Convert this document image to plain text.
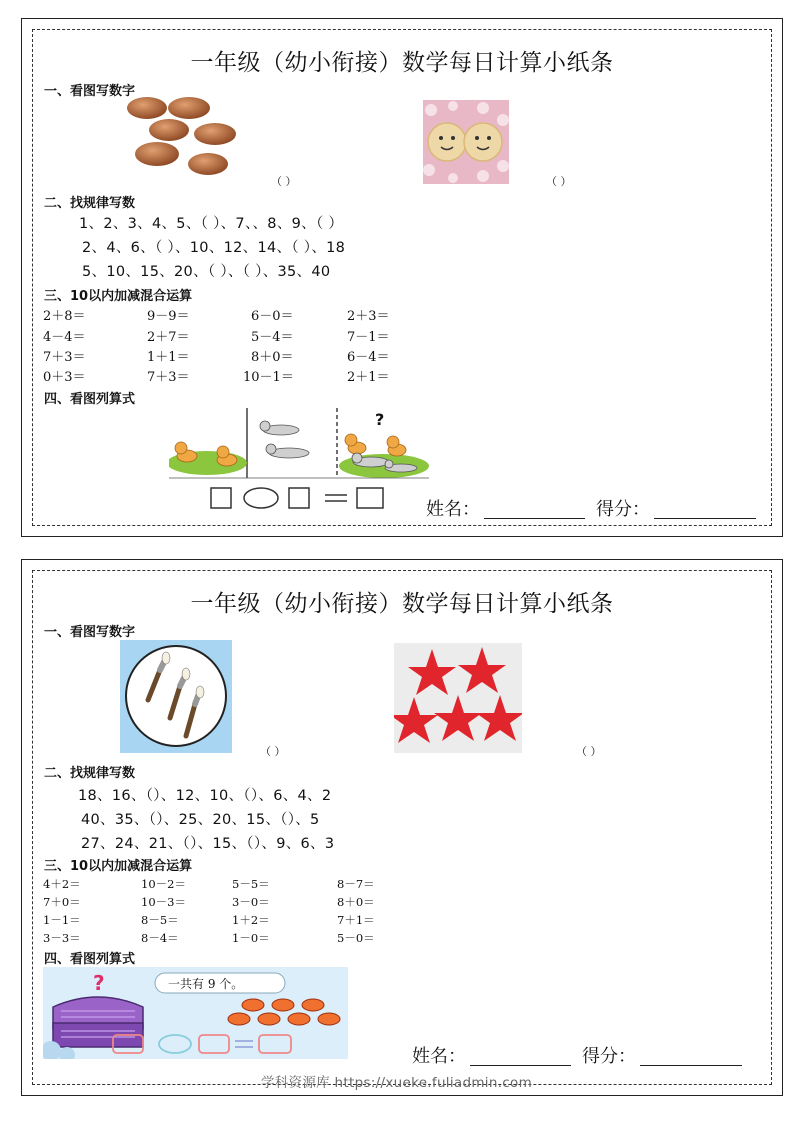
一年级（幼小衔接）数学每日计算小纸条
一、看图写数字
（ ）	（ ）
二、找规律写数
1、2、3、4、5、（ ）、7、、8、9、（ ）
2、4、6、（ ）、10、12、14、（ ）、18
5、10、15、20、（ ）、（ ）、35、40
三、10以内加减混合运算
2＋8＝	9－9＝	6－0＝	2＋3＝
4－4＝	2＋7＝	5－4＝	7－1＝
7＋3＝	1＋1＝	8＋0＝	6－4＝
0＋3＝	7＋3＝	10－1＝	2＋1＝
四、看图列算式
?
姓名：	得分：
一年级（幼小衔接）数学每日计算小纸条
一、看图写数字
（ ）	（ ）
二、找规律写数
18、16、（）、12、10、（）、6、4、2
40、35、（）、25、20、15、（）、5
27、24、21、（）、15、（）、9、6、3
三、10以内加减混合运算
4＋2＝	10－2＝	5－5＝	8－7＝
7＋0＝	10－3＝	3－0＝	8＋0＝
1－1＝	8－5＝	1＋2＝	7＋1＝
3－3＝	8－4＝	1－0＝	5－0＝
四、看图列算式
?	一共有 9 个。
姓名：	得分：
学科资源库 https://xueke.fuliadmin.com
